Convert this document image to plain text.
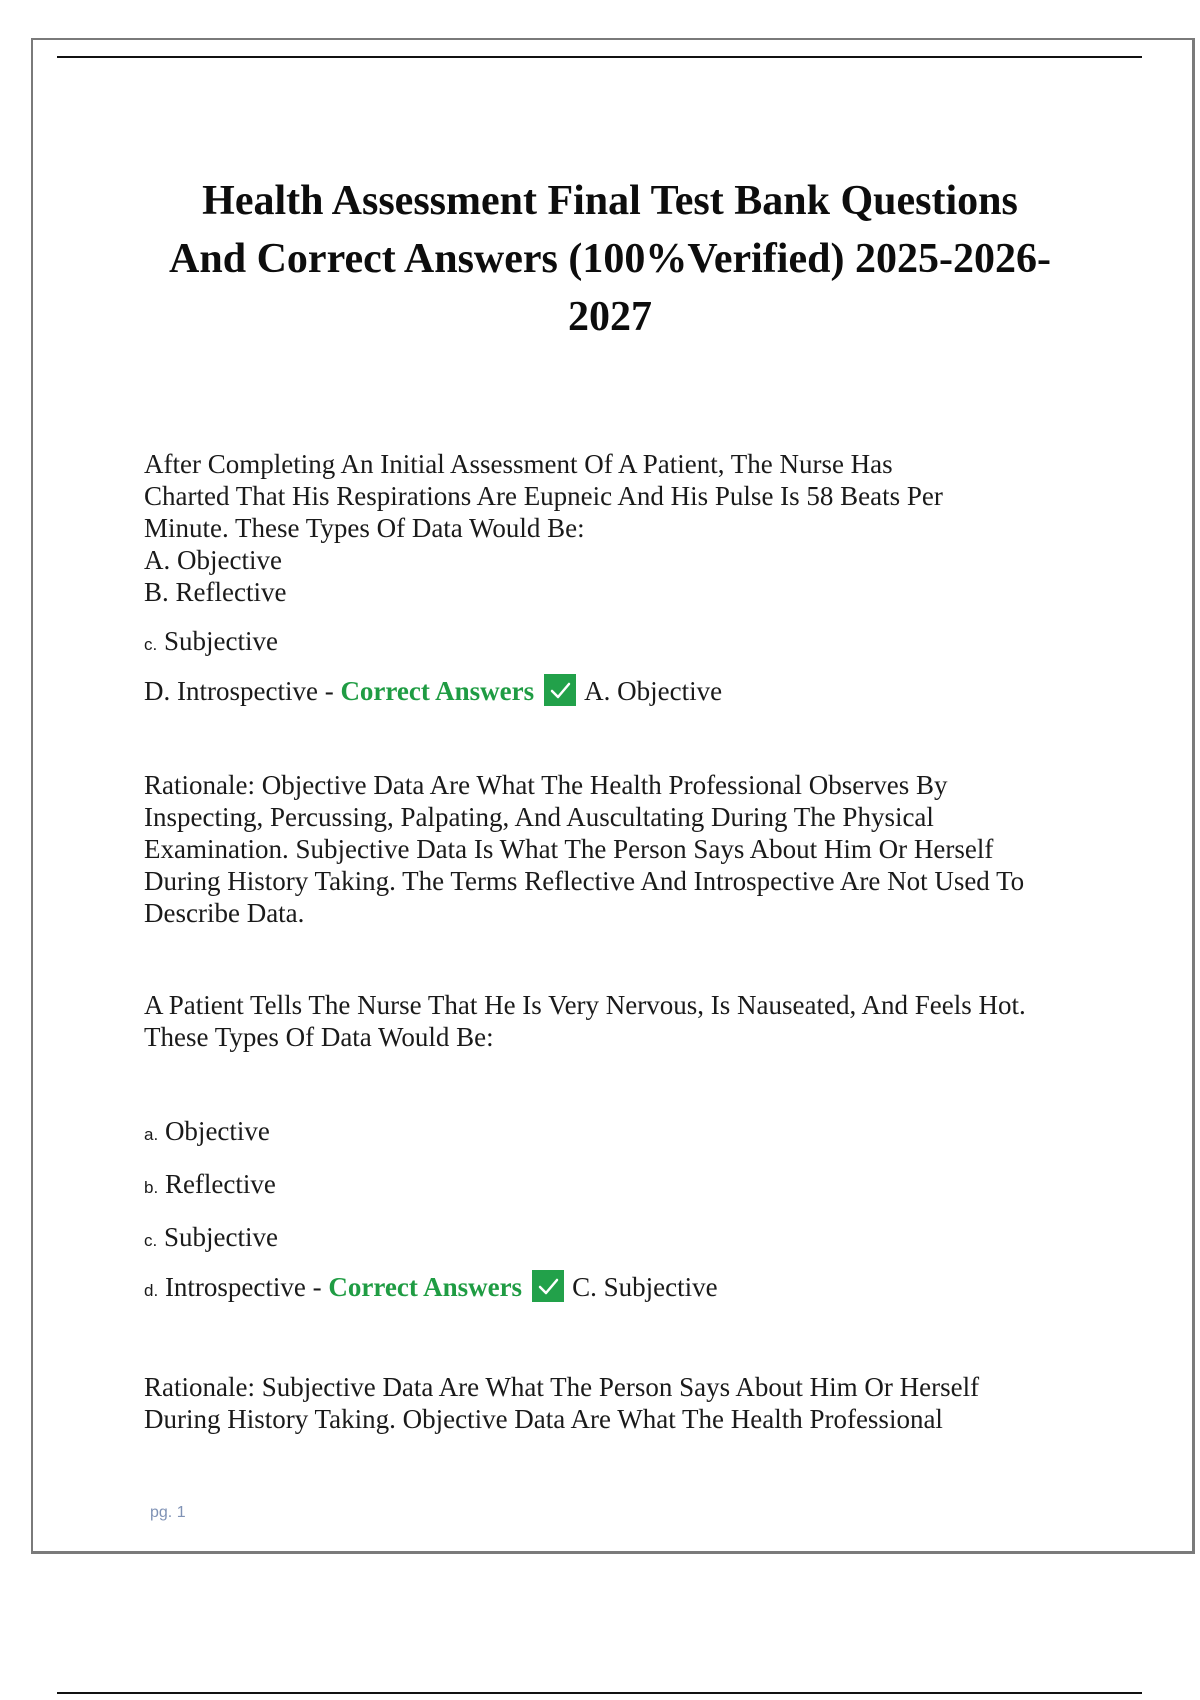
Health Assessment Final Test Bank Questions
And Correct Answers (100%Verified) 2025-2026-
2027

After Completing An Initial Assessment Of A Patient, The Nurse Has

Charted That His Respirations Are Eupneic And His Pulse Is 58 Beats Per

Minute. These Types Of Data Would Be:

A. Objective

B. Reflective

c. Subjective

D. Introspective - Correct Answers A. Objective

Rationale: Objective Data Are What The Health Professional Observes By

Inspecting, Percussing, Palpating, And Auscultating During The Physical

Examination. Subjective Data Is What The Person Says About Him Or Herself

During History Taking. The Terms Reflective And Introspective Are Not Used To

Describe Data.

A Patient Tells The Nurse That He Is Very Nervous, Is Nauseated, And Feels Hot.

These Types Of Data Would Be:

a. Objective

b. Reflective

c. Subjective

d. Introspective - Correct Answers C. Subjective

Rationale: Subjective Data Are What The Person Says About Him Or Herself

During History Taking. Objective Data Are What The Health Professional

pg. 1
